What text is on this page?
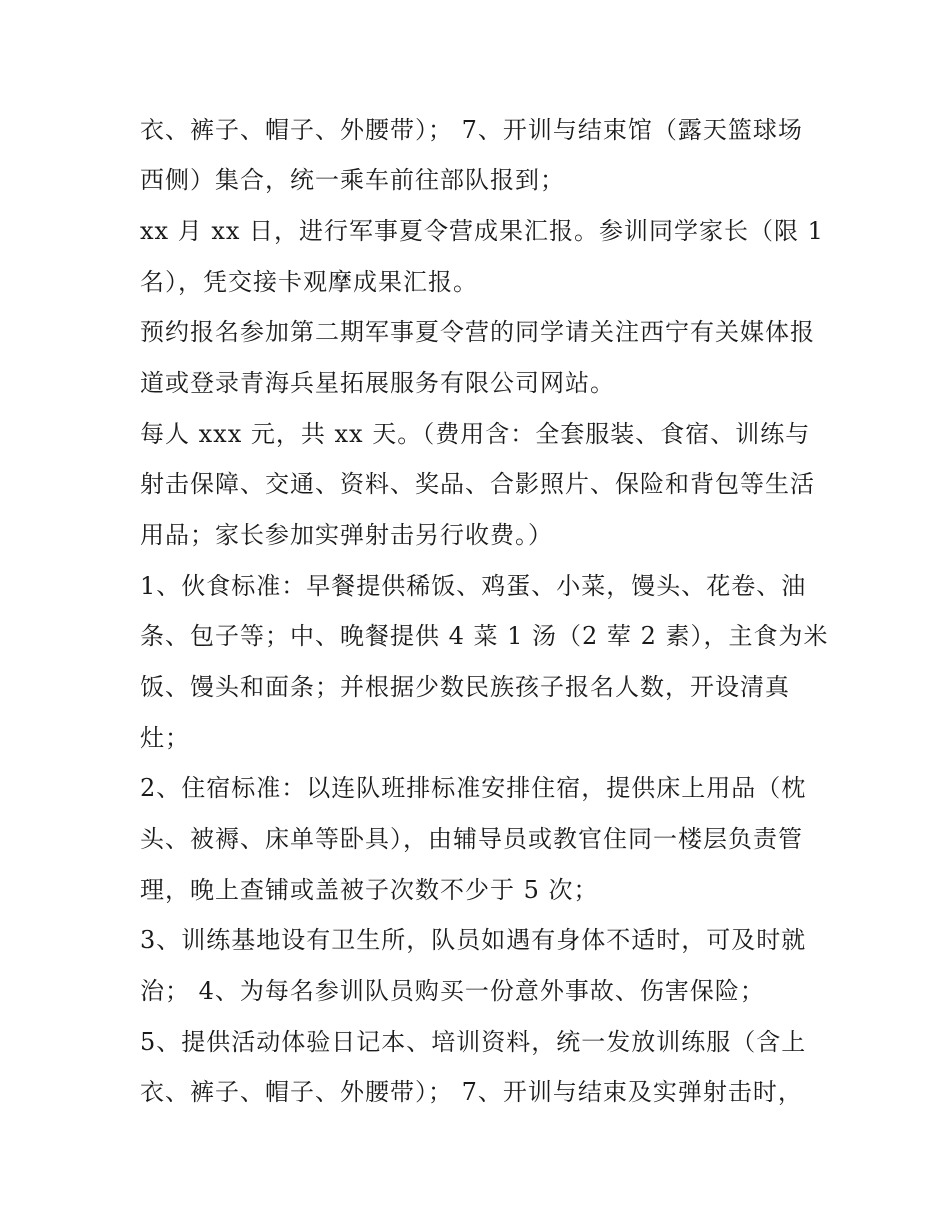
衣、裤子、帽子、外腰带）； 7、开训与结束馆（露天篮球场
西侧）集合，统一乘车前往部队报到；
xx 月 xx 日，进行军事夏令营成果汇报。参训同学家长（限 1
名），凭交接卡观摩成果汇报。
预约报名参加第二期军事夏令营的同学请关注西宁有关媒体报
道或登录青海兵星拓展服务有限公司网站。
每人 xxx 元，共 xx 天。（费用含：全套服装、食宿、训练与
射击保障、交通、资料、奖品、合影照片、保险和背包等生活
用品；家长参加实弹射击另行收费。）
1、伙食标准：早餐提供稀饭、鸡蛋、小菜，馒头、花卷、油
条、包子等；中、晚餐提供 4 菜 1 汤（2 荤 2 素），主食为米
饭、馒头和面条；并根据少数民族孩子报名人数，开设清真
灶；
2、住宿标准：以连队班排标准安排住宿，提供床上用品（枕
头、被褥、床单等卧具），由辅导员或教官住同一楼层负责管
理，晚上查铺或盖被子次数不少于 5 次；
3、训练基地设有卫生所，队员如遇有身体不适时，可及时就
治； 4、为每名参训队员购买一份意外事故、伤害保险；
5、提供活动体验日记本、培训资料，统一发放训练服（含上
衣、裤子、帽子、外腰带）； 7、开训与结束及实弹射击时，
